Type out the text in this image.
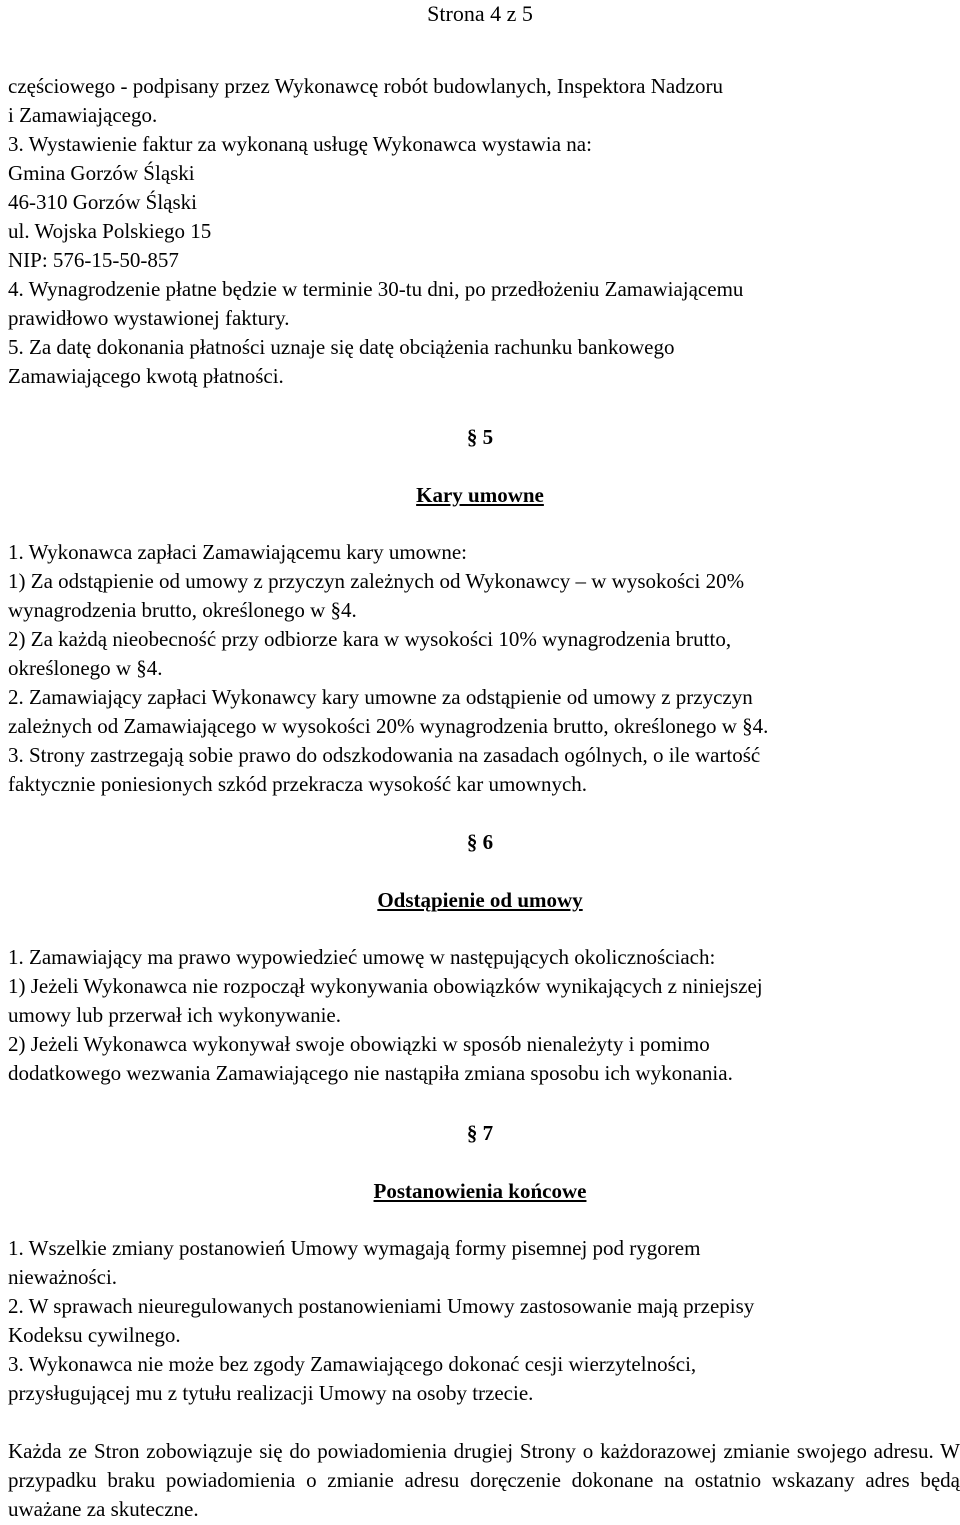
Strona 4 z 5
częściowego - podpisany przez Wykonawcę robót budowlanych, Inspektora Nadzoru
i Zamawiającego.
3. Wystawienie faktur za wykonaną usługę Wykonawca wystawia na:
Gmina Gorzów Śląski
46-310 Gorzów Śląski
ul. Wojska Polskiego 15
NIP: 576-15-50-857
4. Wynagrodzenie płatne będzie w terminie 30-tu dni, po przedłożeniu Zamawiającemu
prawidłowo wystawionej faktury.
5. Za datę dokonania płatności uznaje się datę obciążenia rachunku bankowego
Zamawiającego kwotą płatności.
§ 5
Kary umowne
1. Wykonawca zapłaci Zamawiającemu kary umowne:
1) Za odstąpienie od umowy z przyczyn zależnych od Wykonawcy – w wysokości 20%
wynagrodzenia brutto, określonego w §4.
2) Za każdą nieobecność przy odbiorze kara w wysokości 10% wynagrodzenia brutto,
określonego w §4.
2. Zamawiający zapłaci Wykonawcy kary umowne za odstąpienie od umowy z przyczyn
zależnych od Zamawiającego w wysokości 20% wynagrodzenia brutto, określonego w §4.
3. Strony zastrzegają sobie prawo do odszkodowania na zasadach ogólnych, o ile wartość
faktycznie poniesionych szkód przekracza wysokość kar umownych.
§ 6
Odstąpienie od umowy
1. Zamawiający ma prawo wypowiedzieć umowę w następujących okolicznościach:
1) Jeżeli Wykonawca nie rozpoczął wykonywania obowiązków wynikających z niniejszej
umowy lub przerwał ich wykonywanie.
2) Jeżeli Wykonawca wykonywał swoje obowiązki w sposób nienależyty i pomimo
dodatkowego wezwania Zamawiającego nie nastąpiła zmiana sposobu ich wykonania.
§ 7
Postanowienia końcowe
1. Wszelkie zmiany postanowień Umowy wymagają formy pisemnej pod rygorem
nieważności.
2. W sprawach nieuregulowanych postanowieniami Umowy zastosowanie mają przepisy
Kodeksu cywilnego.
3. Wykonawca nie może bez zgody Zamawiającego dokonać cesji wierzytelności,
przysługującej mu z tytułu realizacji Umowy na osoby trzecie.
Każda ze Stron zobowiązuje się do powiadomienia drugiej Strony o każdorazowej zmianie swojego adresu. W przypadku braku powiadomienia o zmianie adresu doręczenie dokonane na ostatnio wskazany adres będą uważane za skuteczne.
